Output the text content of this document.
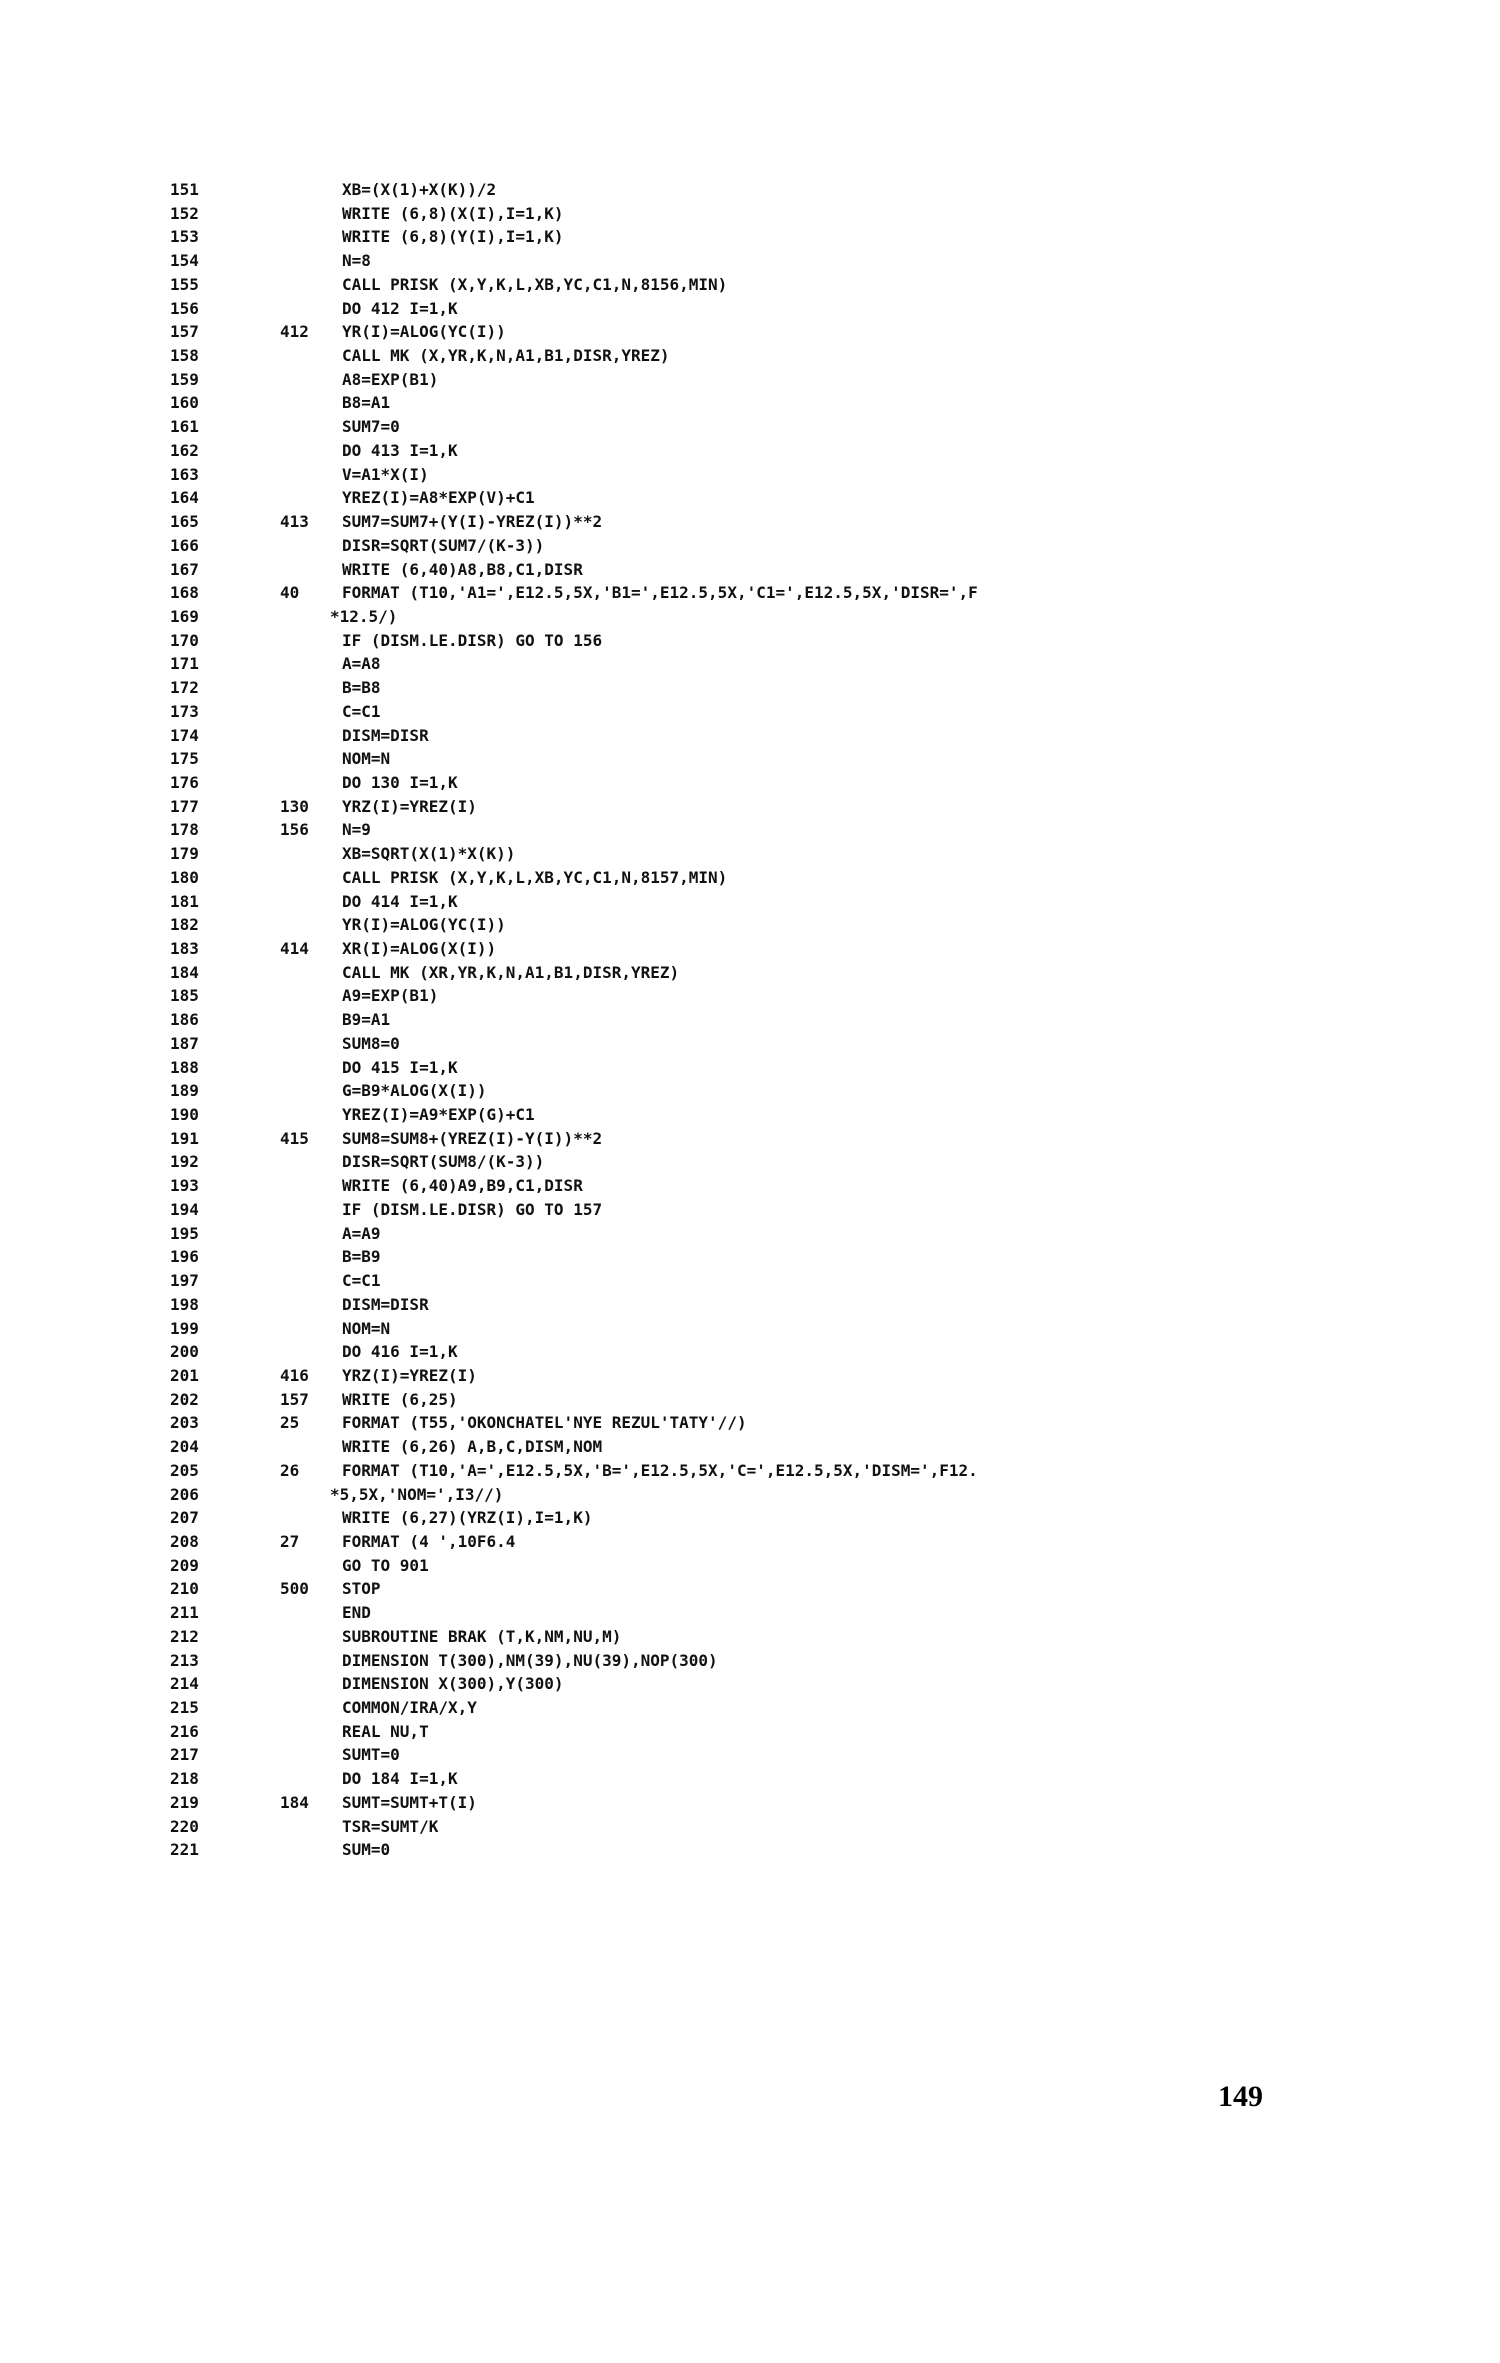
151	XB=(X(1)+X(K))/2
152	WRITE (6,8)(X(I),I=1,K)
153	WRITE (6,8)(Y(I),I=1,K)
154	N=8
155	CALL PRISK (X,Y,K,L,XB,YC,C1,N,8156,MIN)
156	DO 412 I=1,K
157	412	YR(I)=ALOG(YC(I))
158	CALL MK (X,YR,K,N,A1,B1,DISR,YREZ)
159	A8=EXP(B1)
160	B8=A1
161	SUM7=0
162	DO 413 I=1,K
163	V=A1*X(I)
164	YREZ(I)=A8*EXP(V)+C1
165	413	SUM7=SUM7+(Y(I)-YREZ(I))**2
166	DISR=SQRT(SUM7/(K-3))
167	WRITE (6,40)A8,B8,C1,DISR
168	40	FORMAT (T10,'A1=',E12.5,5X,'B1=',E12.5,5X,'C1=',E12.5,5X,'DISR=',F
169	*12.5/)
170	IF (DISM.LE.DISR) GO TO 156
171	A=A8
172	B=B8
173	C=C1
174	DISM=DISR
175	NOM=N
176	DO 130 I=1,K
177	130	YRZ(I)=YREZ(I)
178	156	N=9
179	XB=SQRT(X(1)*X(K))
180	CALL PRISK (X,Y,K,L,XB,YC,C1,N,8157,MIN)
181	DO 414 I=1,K
182	YR(I)=ALOG(YC(I))
183	414	XR(I)=ALOG(X(I))
184	CALL MK (XR,YR,K,N,A1,B1,DISR,YREZ)
185	A9=EXP(B1)
186	B9=A1
187	SUM8=0
188	DO 415 I=1,K
189	G=B9*ALOG(X(I))
190	YREZ(I)=A9*EXP(G)+C1
191	415	SUM8=SUM8+(YREZ(I)-Y(I))**2
192	DISR=SQRT(SUM8/(K-3))
193	WRITE (6,40)A9,B9,C1,DISR
194	IF (DISM.LE.DISR) GO TO 157
195	A=A9
196	B=B9
197	C=C1
198	DISM=DISR
199	NOM=N
200	DO 416 I=1,K
201	416	YRZ(I)=YREZ(I)
202	157	WRITE (6,25)
203	25	FORMAT (T55,'OKONCHATEL'NYE REZUL'TATY'//)
204	WRITE (6,26) A,B,C,DISM,NOM
205	26	FORMAT (T10,'A=',E12.5,5X,'B=',E12.5,5X,'C=',E12.5,5X,'DISM=',F12.
206	*5,5X,'NOM=',I3//)
207	WRITE (6,27)(YRZ(I),I=1,K)
208	27	FORMAT (4 ',10F6.4
209	GO TO 901
210	500	STOP
211	END
212	SUBROUTINE BRAK (T,K,NM,NU,M)
213	DIMENSION T(300),NM(39),NU(39),NOP(300)
214	DIMENSION X(300),Y(300)
215	COMMON/IRA/X,Y
216	REAL NU,T
217	SUMT=0
218	DO 184 I=1,K
219	184	SUMT=SUMT+T(I)
220	TSR=SUMT/K
221	SUM=0
149
